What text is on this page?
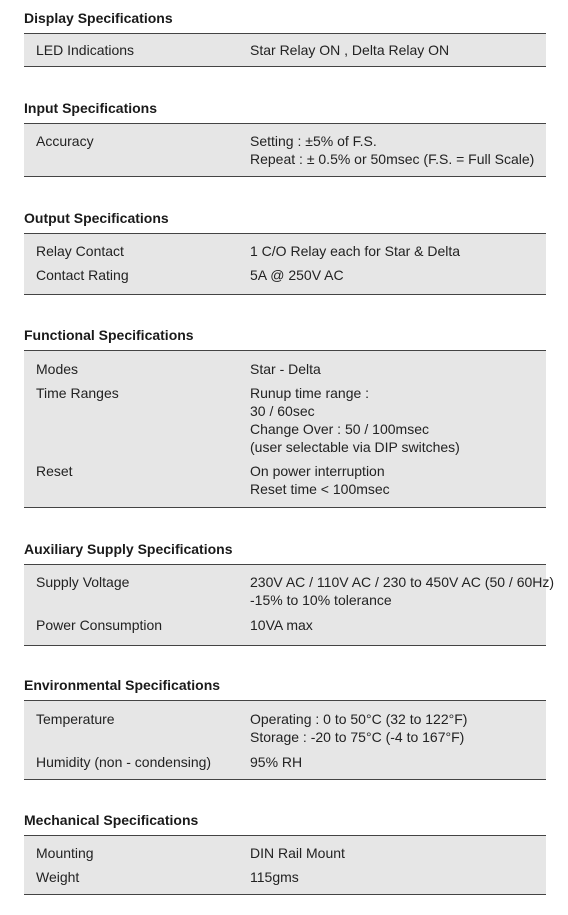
Display Specifications
LED Indications	Star Relay ON , Delta Relay ON
Input Specifications
Accuracy	Setting : ±5% of F.S.
Repeat : ± 0.5% or 50msec (F.S. = Full Scale)
Output Specifications
Relay Contact	1 C/O Relay each for Star & Delta
Contact Rating	5A @ 250V AC
Functional Specifications
Modes	Star - Delta
Time Ranges	Runup time range :
30 / 60sec
Change Over : 50 / 100msec
(user selectable via DIP switches)
Reset	On power interruption
Reset time < 100msec
Auxiliary Supply Specifications
Supply Voltage	230V AC / 110V AC / 230 to 450V AC (50 / 60Hz)
-15% to 10% tolerance
Power Consumption	10VA max
Environmental Specifications
Temperature	Operating : 0 to 50°C (32 to 122°F)
Storage : -20 to 75°C (-4 to 167°F)
Humidity (non - condensing)	95% RH
Mechanical Specifications
Mounting	DIN Rail Mount
Weight	115gms
